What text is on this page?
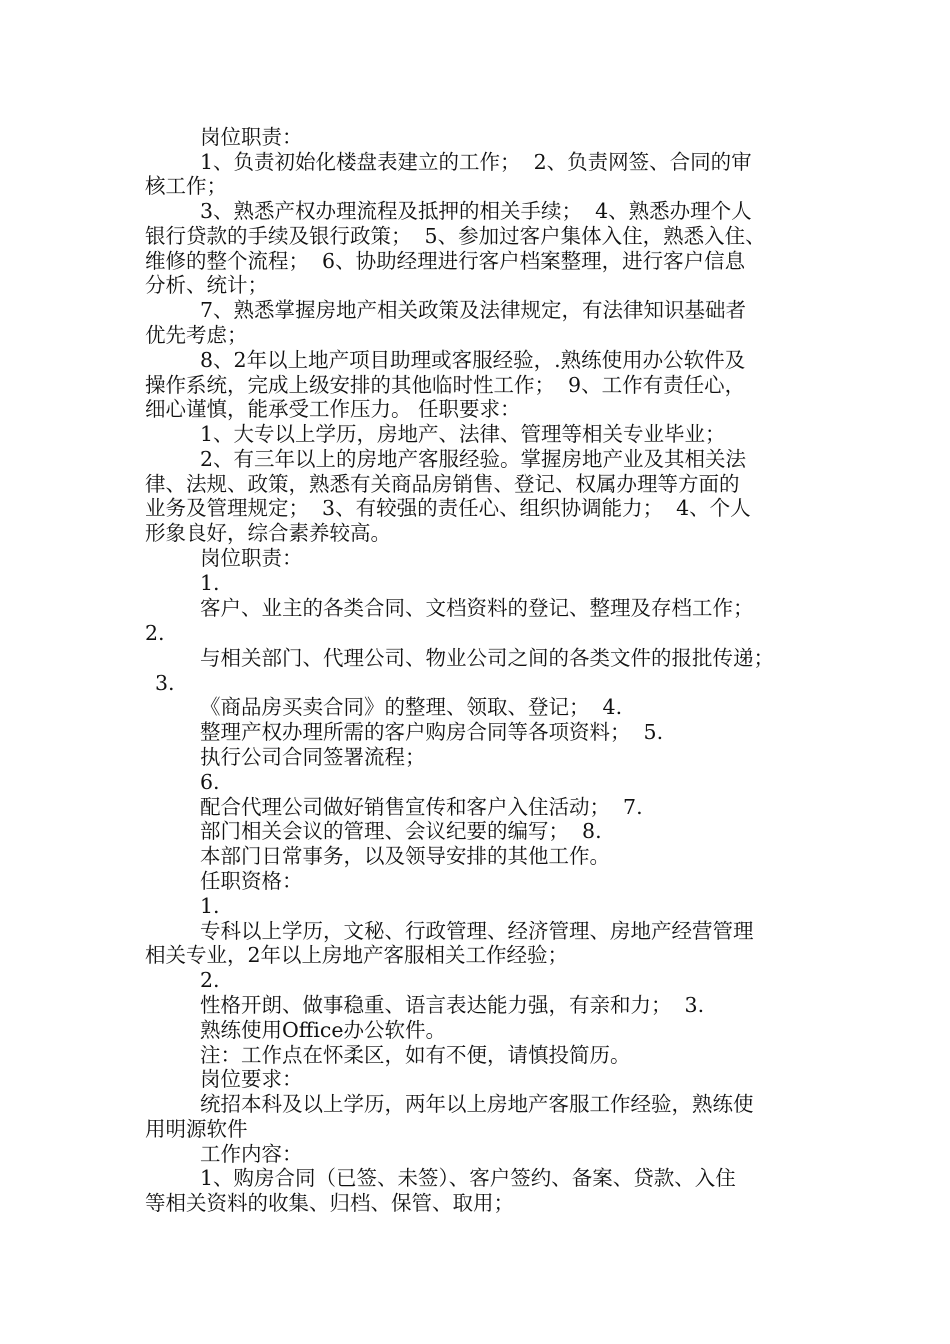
岗位职责：
1、负责初始化楼盘表建立的工作；  2、负责网签、合同的审
核工作；
3、熟悉产权办理流程及抵押的相关手续；  4、熟悉办理个人
银行贷款的手续及银行政策；  5、参加过客户集体入住，熟悉入住、
维修的整个流程；  6、协助经理进行客户档案整理，进行客户信息
分析、统计；
7、熟悉掌握房地产相关政策及法律规定，有法律知识基础者
优先考虑；
8、2年以上地产项目助理或客服经验，.熟练使用办公软件及
操作系统，完成上级安排的其他临时性工作；  9、工作有责任心，
细心谨慎，能承受工作压力。 任职要求：
1、大专以上学历，房地产、法律、管理等相关专业毕业；
2、有三年以上的房地产客服经验。掌握房地产业及其相关法
律、法规、政策，熟悉有关商品房销售、登记、权属办理等方面的
业务及管理规定；  3、有较强的责任心、组织协调能力；  4、个人
形象良好，综合素养较高。
岗位职责：
1.
客户、业主的各类合同、文档资料的登记、整理及存档工作；
2.
与相关部门、代理公司、物业公司之间的各类文件的报批传递；
3.
《商品房买卖合同》的整理、领取、登记；  4.
整理产权办理所需的客户购房合同等各项资料；  5.
执行公司合同签署流程；
6.
配合代理公司做好销售宣传和客户入住活动；  7.
部门相关会议的管理、会议纪要的编写；  8.
本部门日常事务，以及领导安排的其他工作。
任职资格：
1.
专科以上学历，文秘、行政管理、经济管理、房地产经营管理
相关专业，2年以上房地产客服相关工作经验；
2.
性格开朗、做事稳重、语言表达能力强，有亲和力；  3.
熟练使用Office办公软件。
注：工作点在怀柔区，如有不便，请慎投简历。
岗位要求：
统招本科及以上学历，两年以上房地产客服工作经验，熟练使
用明源软件
工作内容：
1、购房合同（已签、未签）、客户签约、备案、贷款、入住
等相关资料的收集、归档、保管、取用；
